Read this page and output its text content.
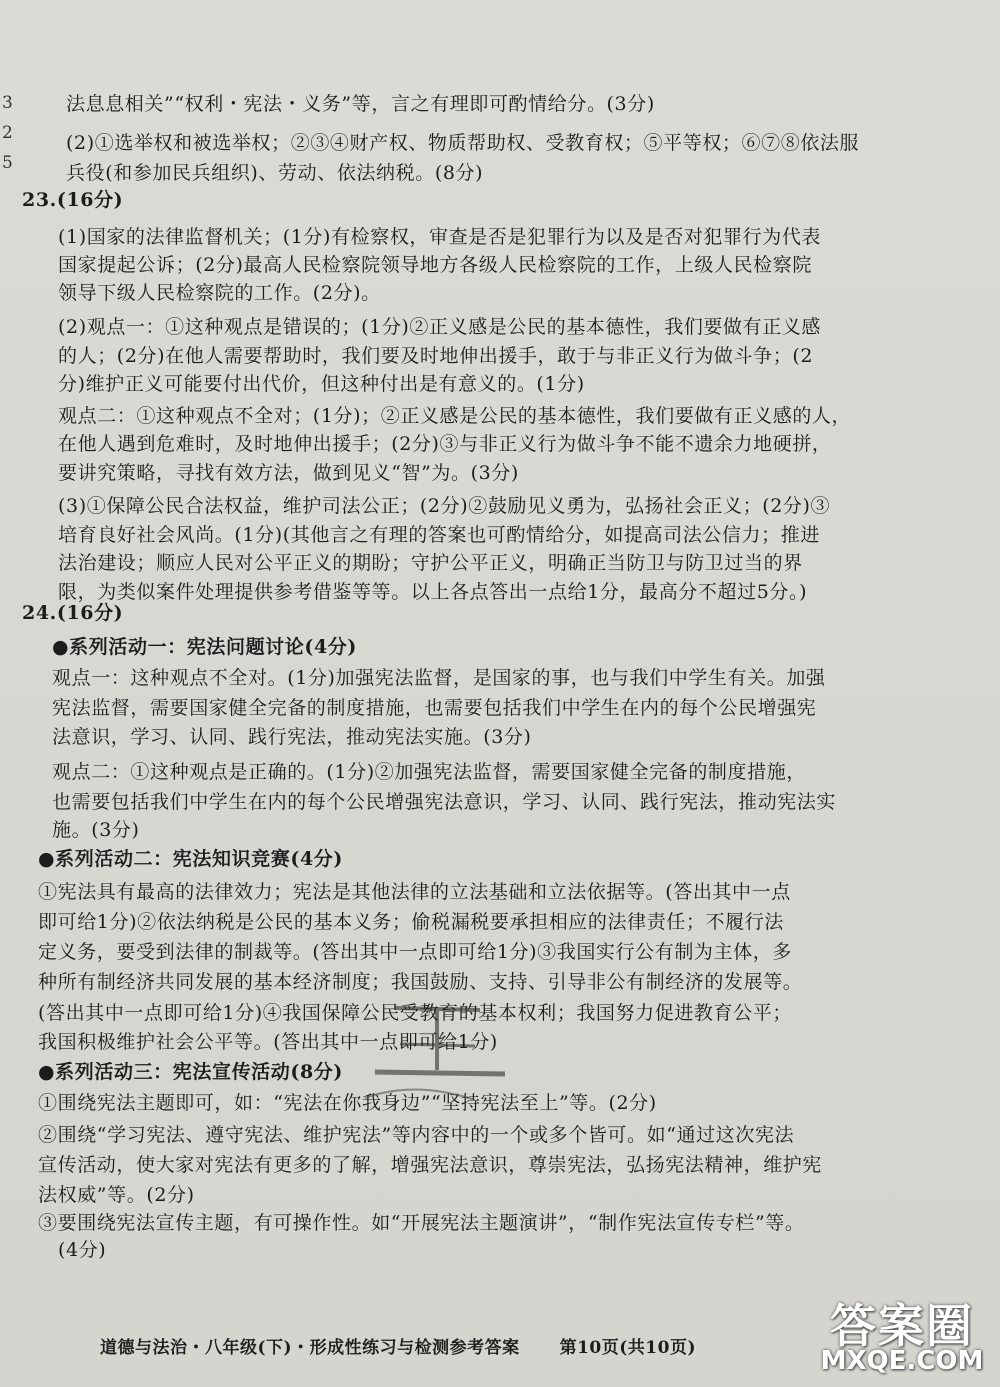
3
2
5
法息息相关”“权利・宪法・义务”等，言之有理即可酌情给分。(3分)
(2)①选举权和被选举权；②③④财产权、物质帮助权、受教育权；⑤平等权；⑥⑦⑧依法服
兵役(和参加民兵组织)、劳动、依法纳税。(8分)
23.(16分)
(1)国家的法律监督机关；(1分)有检察权，审查是否是犯罪行为以及是否对犯罪行为代表
国家提起公诉；(2分)最高人民检察院领导地方各级人民检察院的工作，上级人民检察院
领导下级人民检察院的工作。(2分)。
(2)观点一：①这种观点是错误的；(1分)②正义感是公民的基本德性，我们要做有正义感
的人；(2分)在他人需要帮助时，我们要及时地伸出援手，敢于与非正义行为做斗争；(2
分)维护正义可能要付出代价，但这种付出是有意义的。(1分)
观点二：①这种观点不全对；(1分)；②正义感是公民的基本德性，我们要做有正义感的人，
在他人遇到危难时，及时地伸出援手；(2分)③与非正义行为做斗争不能不遗余力地硬拼，
要讲究策略，寻找有效方法，做到见义“智”为。(3分)
(3)①保障公民合法权益，维护司法公正；(2分)②鼓励见义勇为，弘扬社会正义；(2分)③
培育良好社会风尚。(1分)(其他言之有理的答案也可酌情给分，如提高司法公信力；推进
法治建设；顺应人民对公平正义的期盼；守护公平正义，明确正当防卫与防卫过当的界
限，为类似案件处理提供参考借鉴等等。以上各点答出一点给1分，最高分不超过5分。)
24.(16分)
●系列活动一：宪法问题讨论(4分)
观点一：这种观点不全对。(1分)加强宪法监督，是国家的事，也与我们中学生有关。加强
宪法监督，需要国家健全完备的制度措施，也需要包括我们中学生在内的每个公民增强宪
法意识，学习、认同、践行宪法，推动宪法实施。(3分)
观点二：①这种观点是正确的。(1分)②加强宪法监督，需要国家健全完备的制度措施，
也需要包括我们中学生在内的每个公民增强宪法意识，学习、认同、践行宪法，推动宪法实
施。(3分)
●系列活动二：宪法知识竞赛(4分)
①宪法具有最高的法律效力；宪法是其他法律的立法基础和立法依据等。(答出其中一点
即可给1分)②依法纳税是公民的基本义务；偷税漏税要承担相应的法律责任；不履行法
定义务，要受到法律的制裁等。(答出其中一点即可给1分)③我国实行公有制为主体，多
种所有制经济共同发展的基本经济制度；我国鼓励、支持、引导非公有制经济的发展等。
(答出其中一点即可给1分)④我国保障公民受教育的基本权利；我国努力促进教育公平；
我国积极维护社会公平等。(答出其中一点即可给1分)
●系列活动三：宪法宣传活动(8分)
①围绕宪法主题即可，如：“宪法在你我身边”“坚持宪法至上”等。(2分)
②围绕“学习宪法、遵守宪法、维护宪法”等内容中的一个或多个皆可。如“通过这次宪法
宣传活动，使大家对宪法有更多的了解，增强宪法意识，尊崇宪法，弘扬宪法精神，维护宪
法权威”等。(2分)
③要围绕宪法宣传主题，有可操作性。如“开展宪法主题演讲”，“制作宪法宣传专栏”等。
(4分)
道德与法治・八年级(下)・形成性练习与检测参考答案 第10页(共10页)	答案圈
MXQE.COM
